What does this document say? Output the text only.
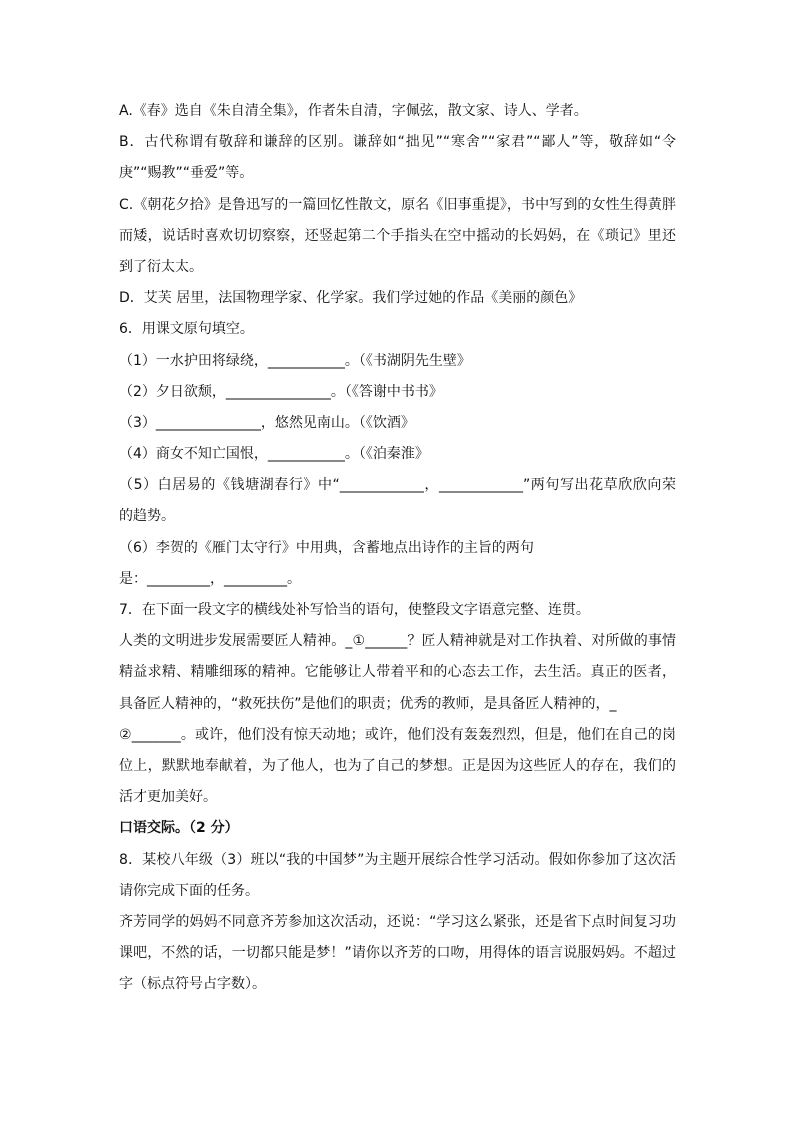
A.《春》选自《朱自清全集》，作者朱自清，字佩弦，散文家、诗人、学者。
B．古代称谓有敬辞和谦辞的区别。谦辞如“拙见”“寒舍”“家君”“鄙人”等，敬辞如“令
庚”“赐教”“垂爱”等。
C.《朝花夕拾》是鲁迅写的一篇回忆性散文，原名《旧事重提》，书中写到的女性生得黄胖
而矮，说话时喜欢切切察察，还竖起第二个手指头在空中摇动的长妈妈，在《琐记》里还
到了衍太太。
D．艾芙 居里，法国物理学家、化学家。我们学过她的作品《美丽的颜色》
6．用课文原句填空。
（1）一水护田将绿绕，___________。（《书湖阴先生壁》
（2）夕日欲颓，_______________。（《答谢中书书》
（3）_______________，悠然见南山。（《饮酒》
（4）商女不知亡国恨，___________。（《泊秦淮》
（5）白居易的《钱塘湖春行》中“____________，____________”两句写出花草欣欣向荣
的趋势。
（6）李贺的《雁门太守行》中用典，含蓄地点出诗作的主旨的两句
是：_________，_________。
7．在下面一段文字的横线处补写恰当的语句，使整段文字语意完整、连贯。
人类的文明进步发展需要匠人精神。_①______？匠人精神就是对工作执着、对所做的事情
精益求精、精雕细琢的精神。它能够让人带着平和的心态去工作，去生活。真正的医者，
具备匠人精神的，“救死扶伤”是他们的职责；优秀的教师，是具备匠人精神的，_
②_______。或许，他们没有惊天动地；或许，他们没有轰轰烈烈，但是，他们在自己的岗
位上，默默地奉献着，为了他人，也为了自己的梦想。正是因为这些匠人的存在，我们的
活才更加美好。
口语交际。（2 分）
8．某校八年级（3）班以“我的中国梦”为主题开展综合性学习活动。假如你参加了这次活
请你完成下面的任务。
齐芳同学的妈妈不同意齐芳参加这次活动，还说：“学习这么紧张，还是省下点时间复习功
课吧，不然的话，一切都只能是梦！”请你以齐芳的口吻，用得体的语言说服妈妈。不超过
字（标点符号占字数）。
